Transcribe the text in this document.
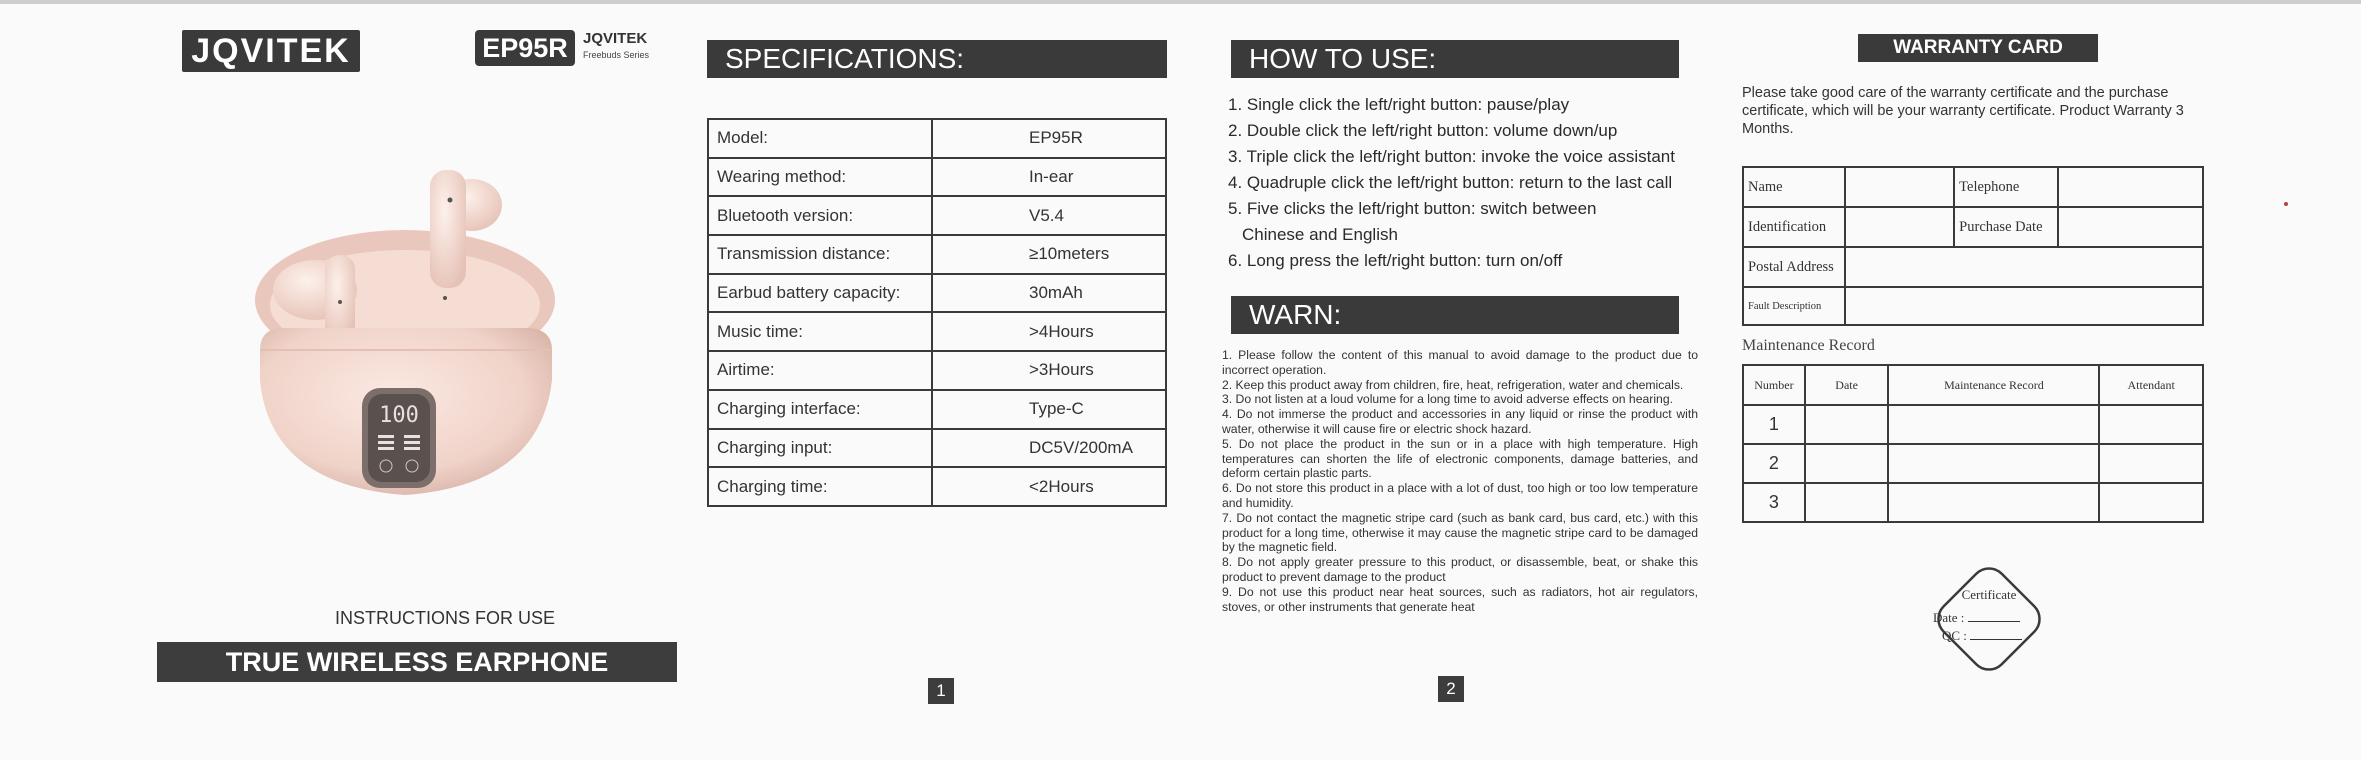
JQVITEK	EP95R	JQVITEK
Freebuds Series
100
INSTRUCTIONS FOR USE
TRUE WIRELESS EARPHONE
SPECIFICATIONS:
Model:	EP95R
Wearing method:	In-ear
Bluetooth version:	V5.4
Transmission distance:	≥10meters
Earbud battery capacity:	30mAh
Music time:	>4Hours
Airtime:	>3Hours
Charging interface:	Type-C
Charging input:	DC5V/200mA
Charging time:	<2Hours
1
HOW TO USE:
1. Single click the left/right button: pause/play
2. Double click the left/right button: volume down/up
3. Triple click the left/right button: invoke the voice assistant
4. Quadruple click the left/right button: return to the last call
5. Five clicks the left/right button: switch between
Chinese and English
6. Long press the left/right button: turn on/off
WARN:
1. Please follow the content of this manual to avoid damage to the product due to incorrect operation.
2. Keep this product away from children, fire, heat, refrigeration, water and chemicals.
3. Do not listen at a loud volume for a long time to avoid adverse effects on hearing.
4. Do not immerse the product and accessories in any liquid or rinse the product with water, otherwise it will cause fire or electric shock hazard.
5. Do not place the product in the sun or in a place with high temperature. High temperatures can shorten the life of electronic components, damage batteries, and deform certain plastic parts.
6. Do not store this product in a place with a lot of dust, too high or too low temperature and humidity.
7. Do not contact the magnetic stripe card (such as bank card, bus card, etc.) with this product for a long time, otherwise it may cause the magnetic stripe card to be damaged by the magnetic field.
8. Do not apply greater pressure to this product, or disassemble, beat, or shake this product to prevent damage to the product
9. Do not use this product near heat sources, such as radiators, hot air regulators, stoves, or other instruments that generate heat
2
WARRANTY CARD
Please take good care of the warranty certificate and the purchase certificate, which will be your warranty certificate. Product Warranty 3 Months.
Name		Telephone	
Identification		Purchase Date	
Postal Address			
Fault Description			
Maintenance Record
Number	Date	Maintenance Record	Attendant
1			
2			
3			
Certificate
Date :
QC :
